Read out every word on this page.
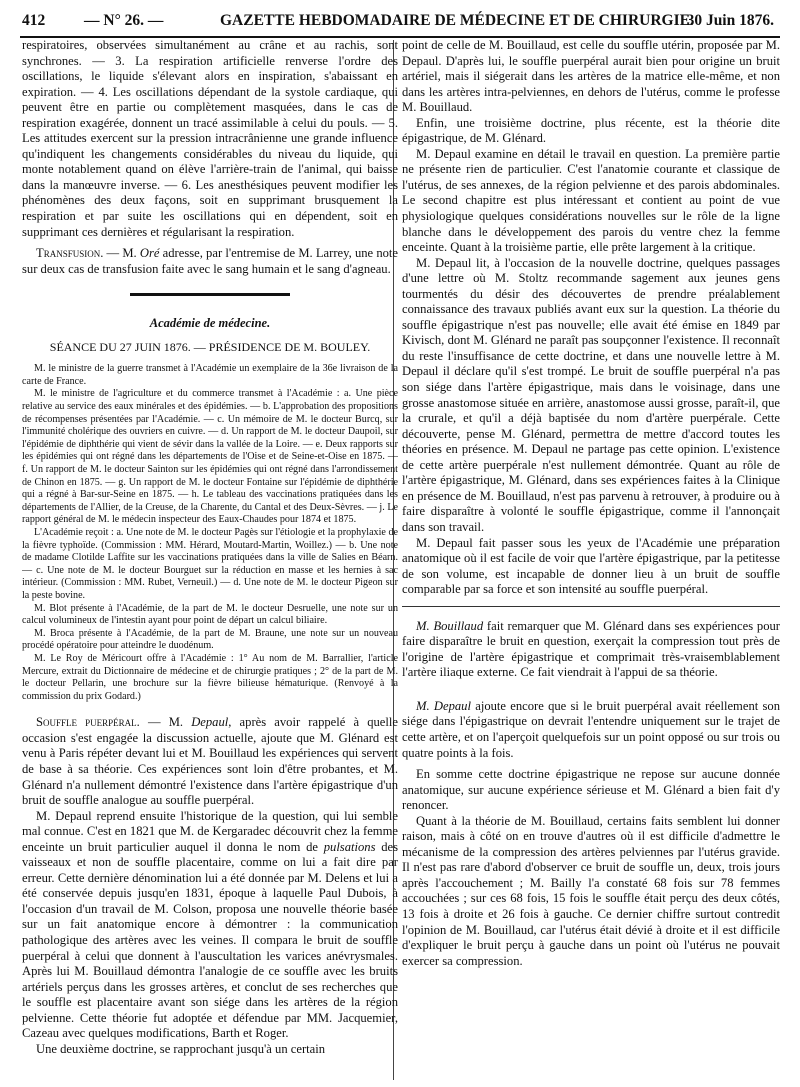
412	— N° 26. —	GAZETTE HEBDOMADAIRE DE MÉDECINE ET DE CHIRURGIE.
30 Juin 1876.

respiratoires, observées simultanément au crâne et au rachis, sont synchrones. — 3. La respiration artificielle renverse l'ordre des oscillations, le liquide s'élevant alors en inspiration, s'abaissant en expiration. — 4. Les oscillations dépendant de la systole cardiaque, qui peuvent être en partie ou complètement masquées, dans le cas de respiration exagérée, donnent un tracé assimilable à celui du pouls. — 5. Les attitudes exercent sur la pression intracrânienne une grande influence qu'indiquent les changements considérables du niveau du liquide, qui monte notablement quand on élève l'arrière-train de l'animal, qui baisse dans la manœuvre inverse. — 6. Les anesthésiques peuvent modifier les phénomènes des deux façons, soit en supprimant brusquement la respiration et par suite les oscillations qui en dépendent, soit en supprimant ces dernières et régularisant la respiration.

Transfusion. — M. Oré adresse, par l'entremise de M. Larrey, une note sur deux cas de transfusion faite avec le sang humain et le sang d'agneau.

Académie de médecine.

SÉANCE DU 27 JUIN 1876. — PRÉSIDENCE DE M. BOULEY.

M. le ministre de la guerre transmet à l'Académie un exemplaire de la 36e livraison de la carte de France.

M. le ministre de l'agriculture et du commerce transmet à l'Académie : a. Une pièce relative au service des eaux minérales et des épidémies. — b. L'approbation des propositions de récompenses présentées par l'Académie. — c. Un mémoire de M. le docteur Burcq, sur l'immunité cholérique des ouvriers en cuivre. — d. Un rapport de M. le docteur Daupoil, sur l'épidémie de diphthérie qui vient de sévir dans la vallée de la Loire. — e. Deux rapports sur les épidémies qui ont régné dans les départements de l'Oise et de Seine-et-Oise en 1875. — f. Un rapport de M. le docteur Sainton sur les épidémies qui ont régné dans l'arrondissement de Chinon en 1875. — g. Un rapport de M. le docteur Fontaine sur l'épidémie de diphthérie qui a régné à Bar-sur-Seine en 1875. — h. Le tableau des vaccinations pratiquées dans les départements de l'Allier, de la Creuse, de la Charente, du Cantal et des Deux-Sèvres. — j. Le rapport général de M. le médecin inspecteur des Eaux-Chaudes pour 1874 et 1875.

L'Académie reçoit : a. Une note de M. le docteur Pagès sur l'étiologie et la prophylaxie de la fièvre typhoïde. (Commission : MM. Hérard, Moutard-Martin, Woillez.) — b. Une note de madame Clotilde Laffite sur les vaccinations pratiquées dans la ville de Salies en Béarn. — c. Une note de M. le docteur Bourguet sur la réduction en masse et les hernies à sac intérieur. (Commission : MM. Rubet, Verneuil.) — d. Une note de M. le docteur Pigeon sur la peste bovine.

M. Blot présente à l'Académie, de la part de M. le docteur Desruelle, une note sur un calcul volumineux de l'intestin ayant pour point de départ un calcul biliaire.

M. Broca présente à l'Académie, de la part de M. Braune, une note sur un nouveau procédé opératoire pour atteindre le duodénum.

M. Le Roy de Méricourt offre à l'Académie : 1° Au nom de M. Barrallier, l'article Mercure, extrait du Dictionnaire de médecine et de chirurgie pratiques ; 2° de la part de M. le docteur Pellarin, une brochure sur la fièvre bilieuse hématurique. (Renvoyé à la commission du prix Godard.)

Souffle puerpéral. — M. Depaul, après avoir rappelé à quelle occasion s'est engagée la discussion actuelle, ajoute que M. Glénard est venu à Paris répéter devant lui et M. Bouillaud les expériences qui servent de base à sa théorie. Ces expériences sont loin d'être probantes, et M. Glénard n'a nullement démontré l'existence dans l'artère épigastrique d'un bruit de souffle analogue au souffle puerpéral.

M. Depaul reprend ensuite l'historique de la question, qui lui semble mal connue. C'est en 1821 que M. de Kergaradec découvrit chez la femme enceinte un bruit particulier auquel il donna le nom de pulsations des vaisseaux et non de souffle placentaire, comme on lui a fait dire par erreur. Cette dernière dénomination lui a été donnée par M. Delens et lui a été conservée depuis jusqu'en 1831, époque à laquelle Paul Dubois, à l'occasion d'un travail de M. Colson, proposa une nouvelle théorie basée sur un fait anatomique encore à démontrer : la communication pathologique des artères avec les veines. Il compara le bruit de souffle puerpéral à celui que donnent à l'auscultation les varices anévrysmales. Après lui M. Bouillaud démontra l'analogie de ce souffle avec les bruits artériels perçus dans les grosses artères, et conclut de ses recherches que le souffle est placentaire avant son siége dans les artères de la région pelvienne. Cette théorie fut adoptée et défendue par MM. Jacquemier, Cazeau avec quelques modifications, Barth et Roger.

Une deuxième doctrine, se rapprochant jusqu'à un certain

point de celle de M. Bouillaud, est celle du souffle utérin, proposée par M. Depaul. D'après lui, le souffle puerpéral aurait bien pour origine un bruit artériel, mais il siégerait dans les artères de la matrice elle-même, et non dans les artères intra-pelviennes, en dehors de l'utérus, comme le professe M. Bouillaud.

Enfin, une troisième doctrine, plus récente, est la théorie dite épigastrique, de M. Glénard.

M. Depaul examine en détail le travail en question. La première partie ne présente rien de particulier. C'est l'anatomie courante et classique de l'utérus, de ses annexes, de la région pelvienne et des parois abdominales. Le second chapitre est plus intéressant et contient au point de vue physiologique quelques considérations nouvelles sur le rôle de la ligne blanche dans le développement des parois du ventre chez la femme enceinte. Quant à la troisième partie, elle prête largement à la critique.

M. Depaul lit, à l'occasion de la nouvelle doctrine, quelques passages d'une lettre où M. Stoltz recommande sagement aux jeunes gens tourmentés du désir des découvertes de prendre préalablement connaissance des travaux publiés avant eux sur la question. La théorie du souffle épigastrique n'est pas nouvelle; elle avait été émise en 1849 par Kivisch, dont M. Glénard ne paraît pas soupçonner l'existence. Il reconnaît du reste l'insuffisance de cette doctrine, et dans une nouvelle lettre à M. Depaul il déclare qu'il s'est trompé. Le bruit de souffle puerpéral n'a pas son siége dans l'artère épigastrique, mais dans le voisinage, dans une grosse anastomose située en arrière, anastomose aussi grosse, paraît-il, que la crurale, et qu'il a déjà baptisée du nom d'artère puerpérale. Cette découverte, pense M. Glénard, permettra de mettre d'accord toutes les théories en présence. M. Depaul ne partage pas cette opinion. L'existence de cette artère puerpérale n'est nullement démontrée. Quant au rôle de l'artère épigastrique, M. Glénard, dans ses expériences faites à la Clinique en présence de M. Bouillaud, n'est pas parvenu à retrouver, à produire ou à faire disparaître à volonté le souffle épigastrique, comme il l'annonçait dans son travail.

M. Depaul fait passer sous les yeux de l'Académie une préparation anatomique où il est facile de voir que l'artère épigastrique, par la petitesse de son volume, est incapable de donner lieu à un bruit de souffle comparable par sa force et son intensité au souffle puerpéral.

M. Bouillaud fait remarquer que M. Glénard dans ses expériences pour faire disparaître le bruit en question, exerçait la compression tout près de l'origine de l'artère épigastrique et comprimait très-vraisemblablement l'artère iliaque externe. Ce fait viendrait à l'appui de sa théorie.

M. Depaul ajoute encore que si le bruit puerpéral avait réellement son siége dans l'épigastrique on devrait l'entendre uniquement sur le trajet de cette artère, et on l'aperçoit quelquefois sur un point opposé ou sur trois ou quatre points à la fois.

En somme cette doctrine épigastrique ne repose sur aucune donnée anatomique, sur aucune expérience sérieuse et M. Glénard a bien fait d'y renoncer.

Quant à la théorie de M. Bouillaud, certains faits semblent lui donner raison, mais à côté on en trouve d'autres où il est difficile d'admettre le mécanisme de la compression des artères pelviennes par l'utérus gravide. Il n'est pas rare d'abord d'observer ce bruit de souffle un, deux, trois jours après l'accouchement ; M. Bailly l'a constaté 68 fois sur 78 femmes accouchées ; sur ces 68 fois, 15 fois le souffle était perçu des deux côtés, 13 fois à droite et 26 fois à gauche. Ce dernier chiffre surtout contredit l'opinion de M. Bouillaud, car l'utérus était dévié à droite et il est difficile d'expliquer le bruit perçu à gauche dans un point où l'utérus ne pouvait exercer sa compression.
